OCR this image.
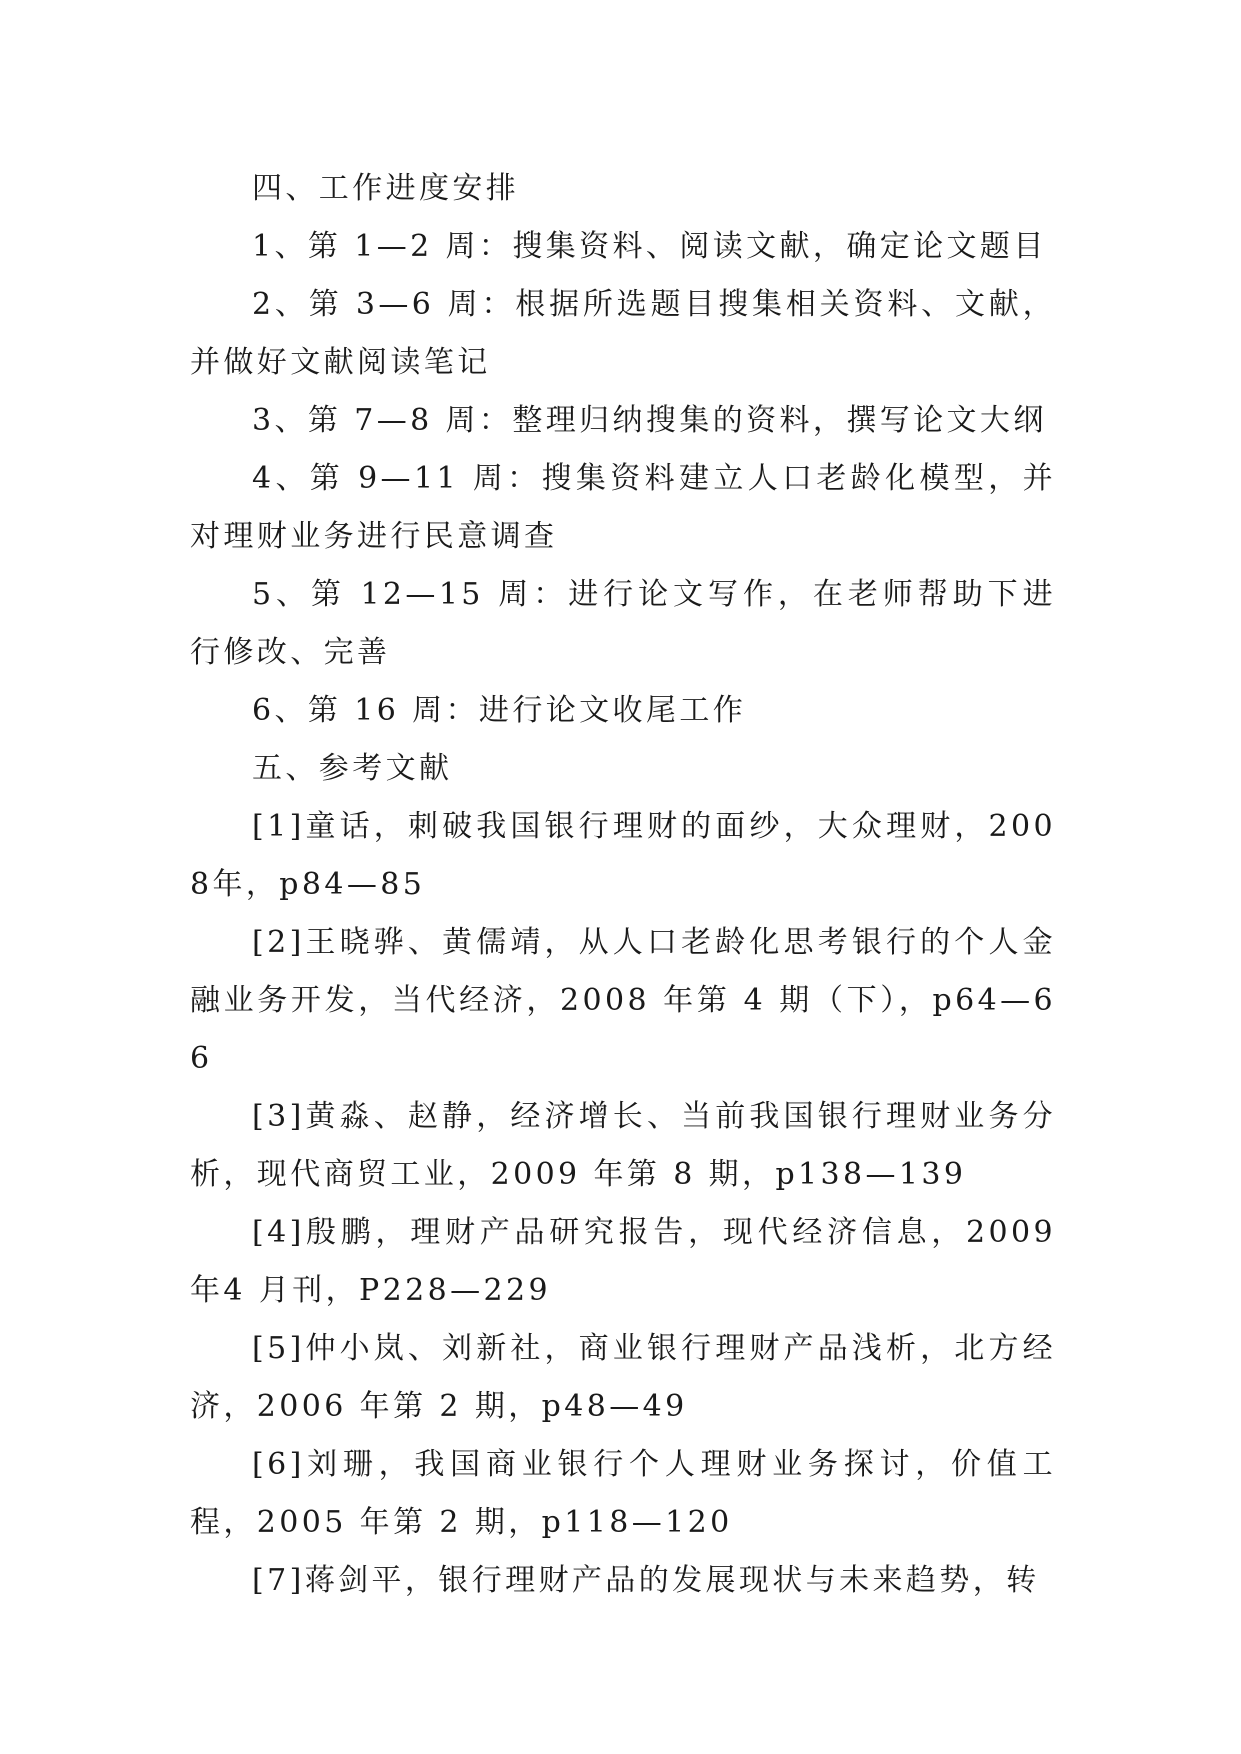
四、工作进度安排

1、第 1—2 周：搜集资料、阅读文献，确定论文题目

2、第 3—6 周：根据所选题目搜集相关资料、文献，并做好文献阅读笔记

3、第 7—8 周：整理归纳搜集的资料，撰写论文大纲

4、第 9—11 周：搜集资料建立人口老龄化模型，并对理财业务进行民意调查

5、第 12—15 周：进行论文写作，在老师帮助下进行修改、完善

6、第 16 周：进行论文收尾工作

五、参考文献

[1]童话，刺破我国银行理财的面纱，大众理财，2008年，p84—85

[2]王晓骅、黄儒靖，从人口老龄化思考银行的个人金融业务开发，当代经济，2008 年第 4 期（下），p64—66

[3]黄淼、赵静，经济增长、当前我国银行理财业务分析，现代商贸工业，2009 年第 8 期，p138—139

[4]殷鹏，理财产品研究报告，现代经济信息，2009 年4 月刊，P228—229

[5]仲小岚、刘新社，商业银行理财产品浅析，北方经济，2006 年第 2 期，p48—49

[6]刘珊，我国商业银行个人理财业务探讨，价值工程，2005 年第 2 期，p118—120

[7]蒋剑平，银行理财产品的发展现状与未来趋势，转
